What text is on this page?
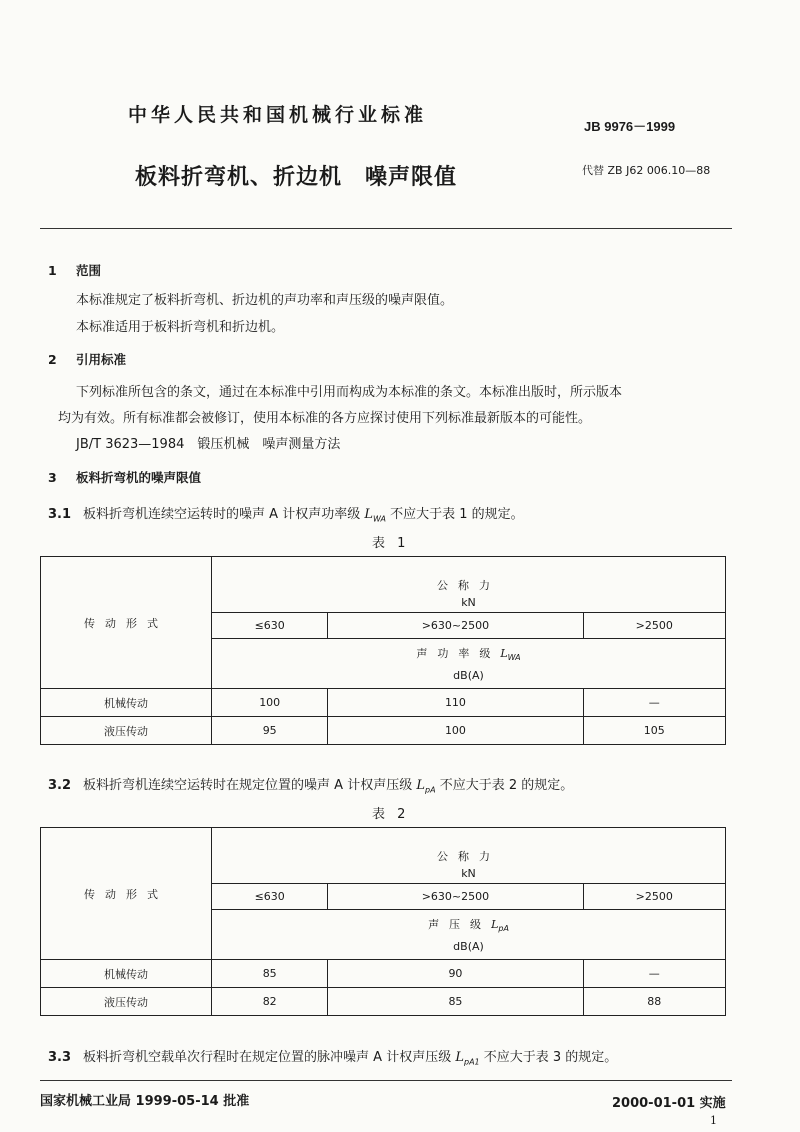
中华人民共和国机械行业标准
JB 9976－1999
板料折弯机、折边机　噪声限值	代替 ZB J62 006.10—88
1 范围
本标准规定了板料折弯机、折边机的声功率和声压级的噪声限值。
本标准适用于板料折弯机和折边机。
2 引用标准
下列标准所包含的条文，通过在本标准中引用而构成为本标准的条文。本标准出版时，所示版本
均为有效。所有标准都会被修订，使用本标准的各方应探讨使用下列标准最新版本的可能性。
JB/T 3623—1984　锻压机械　噪声测量方法
3 板料折弯机的噪声限值
3.1 板料折弯机连续空运转时的噪声 A 计权声功率级 $L_{WA}$ 不应大于表 1 的规定。
表 1
传动形式	公称力		
	kN		
	≤630	>630~2500	>2500

	声功率级$L_{WA}$
dB(A)		

机械传动	100	110	—
液压传动	95	100	105
3.2 板料折弯机连续空运转时在规定位置的噪声 A 计权声压级 $L_{pA}$ 不应大于表 2 的规定。
表 2
传动形式	公称力		
	kN		
	≤630	>630~2500	>2500

	声压级$L_{pA}$
dB(A)		

机械传动	85	90	—
液压传动	82	85	88
3.3 板料折弯机空载单次行程时在规定位置的脉冲噪声 A 计权声压级 $L_{pA1}$ 不应大于表 3 的规定。
国家机械工业局 1999-05-14 批准	2000-01-01 实施
1
